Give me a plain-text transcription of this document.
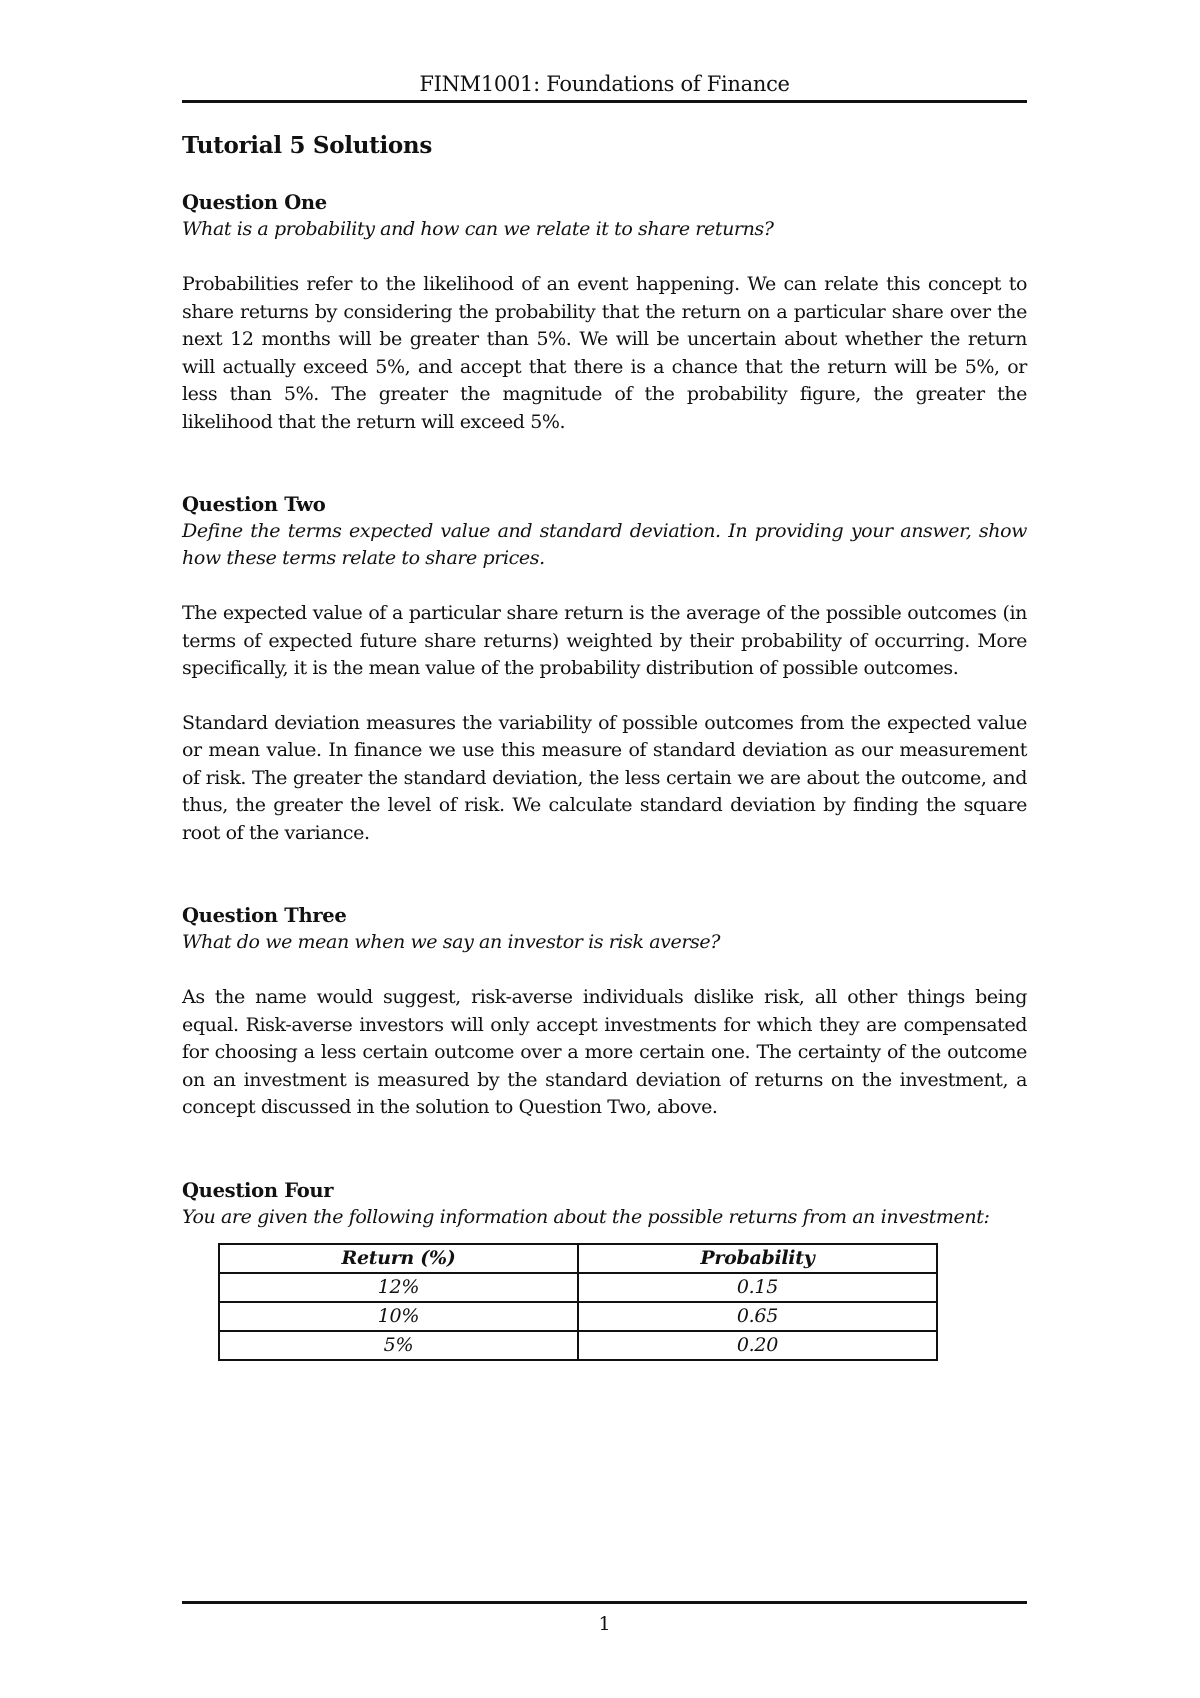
FINM1001: Foundations of Finance
Tutorial 5 Solutions

Question One

What is a probability and how can we relate it to share returns?

Probabilities refer to the likelihood of an event happening. We can relate this concept to share returns by considering the probability that the return on a particular share over the next 12 months will be greater than 5%. We will be uncertain about whether the return will actually exceed 5%, and accept that there is a chance that the return will be 5%, or less than 5%. The greater the magnitude of the probability figure, the greater the likelihood that the return will exceed 5%.

Question Two

Define the terms expected value and standard deviation. In providing your answer, show how these terms relate to share prices.

The expected value of a particular share return is the average of the possible outcomes (in terms of expected future share returns) weighted by their probability of occurring. More specifically, it is the mean value of the probability distribution of possible outcomes.

Standard deviation measures the variability of possible outcomes from the expected value or mean value. In finance we use this measure of standard deviation as our measurement of risk. The greater the standard deviation, the less certain we are about the outcome, and thus, the greater the level of risk. We calculate standard deviation by finding the square root of the variance.

Question Three

What do we mean when we say an investor is risk averse?

As the name would suggest, risk-averse individuals dislike risk, all other things being equal. Risk-averse investors will only accept investments for which they are compensated for choosing a less certain outcome over a more certain one. The certainty of the outcome on an investment is measured by the standard deviation of returns on the investment, a concept discussed in the solution to Question Two, above.

Question Four

You are given the following information about the possible returns from an investment:

Return (%)	Probability
12%	0.15
10%	0.65
5%	0.20
1
